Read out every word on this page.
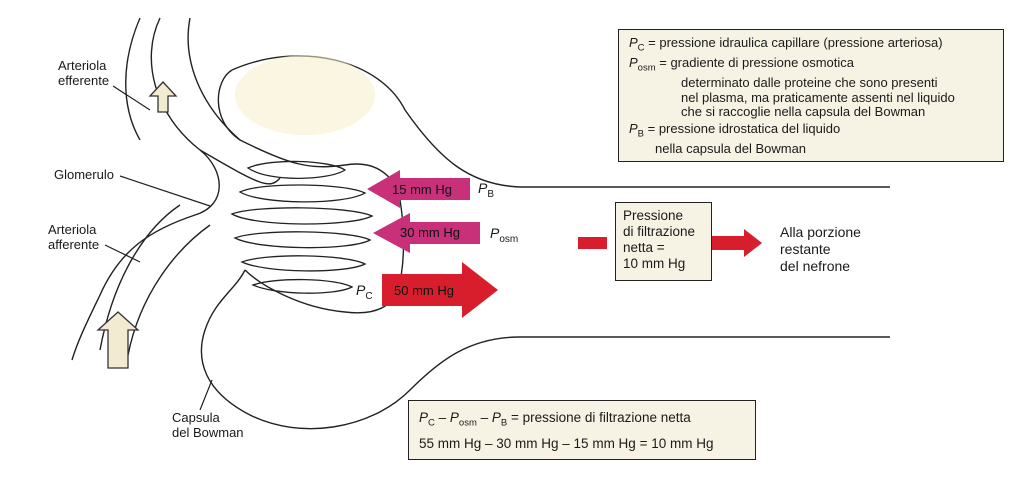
Arteriola
efferente
Glomerulo
Arteriola
afferente
Capsula
del Bowman
Alla porzione
restante
del nefrone
15 mm Hg
30 mm Hg
50 mm Hg
$P_B$
$P_{osm}$
$P_C$
Pressione
di filtrazione
netta =
10 mm Hg
$P_C$ = pressione idraulica capillare (pressione arteriosa)
$P_{osm}$ = gradiente di pressione osmotica
determinato dalle proteine che sono presenti
nel plasma, ma praticamente assenti nel liquido
che si raccoglie nella capsula del Bowman
$P_B$ = pressione idrostatica del liquido
nella capsula del Bowman
$P_C - P_{osm} - P_B$ = pressione di filtrazione netta
55 mm Hg – 30 mm Hg – 15 mm Hg = 10 mm Hg
